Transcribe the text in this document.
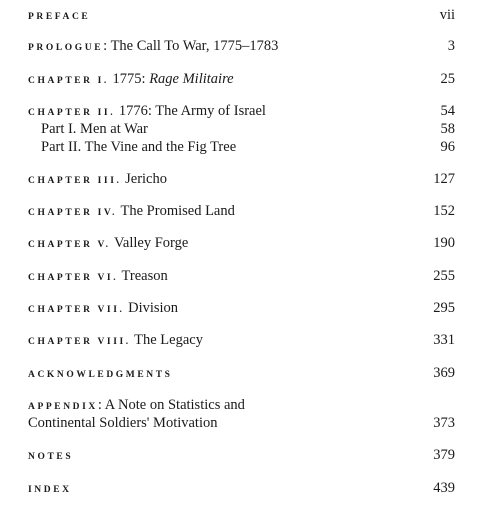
PREFACE	vii
PROLOGUE: The Call To War, 1775–1783	3
CHAPTER I. 1775: Rage Militaire	25
CHAPTER II. 1776: The Army of Israel	54
Part I. Men at War	58
Part II. The Vine and the Fig Tree	96
CHAPTER III. Jericho	127
CHAPTER IV. The Promised Land	152
CHAPTER V. Valley Forge	190
CHAPTER VI. Treason	255
CHAPTER VII. Division	295
CHAPTER VIII. The Legacy	331
ACKNOWLEDGMENTS	369
APPENDIX: A Note on Statistics and
Continental Soldiers' Motivation	373
NOTES	379
INDEX	439
